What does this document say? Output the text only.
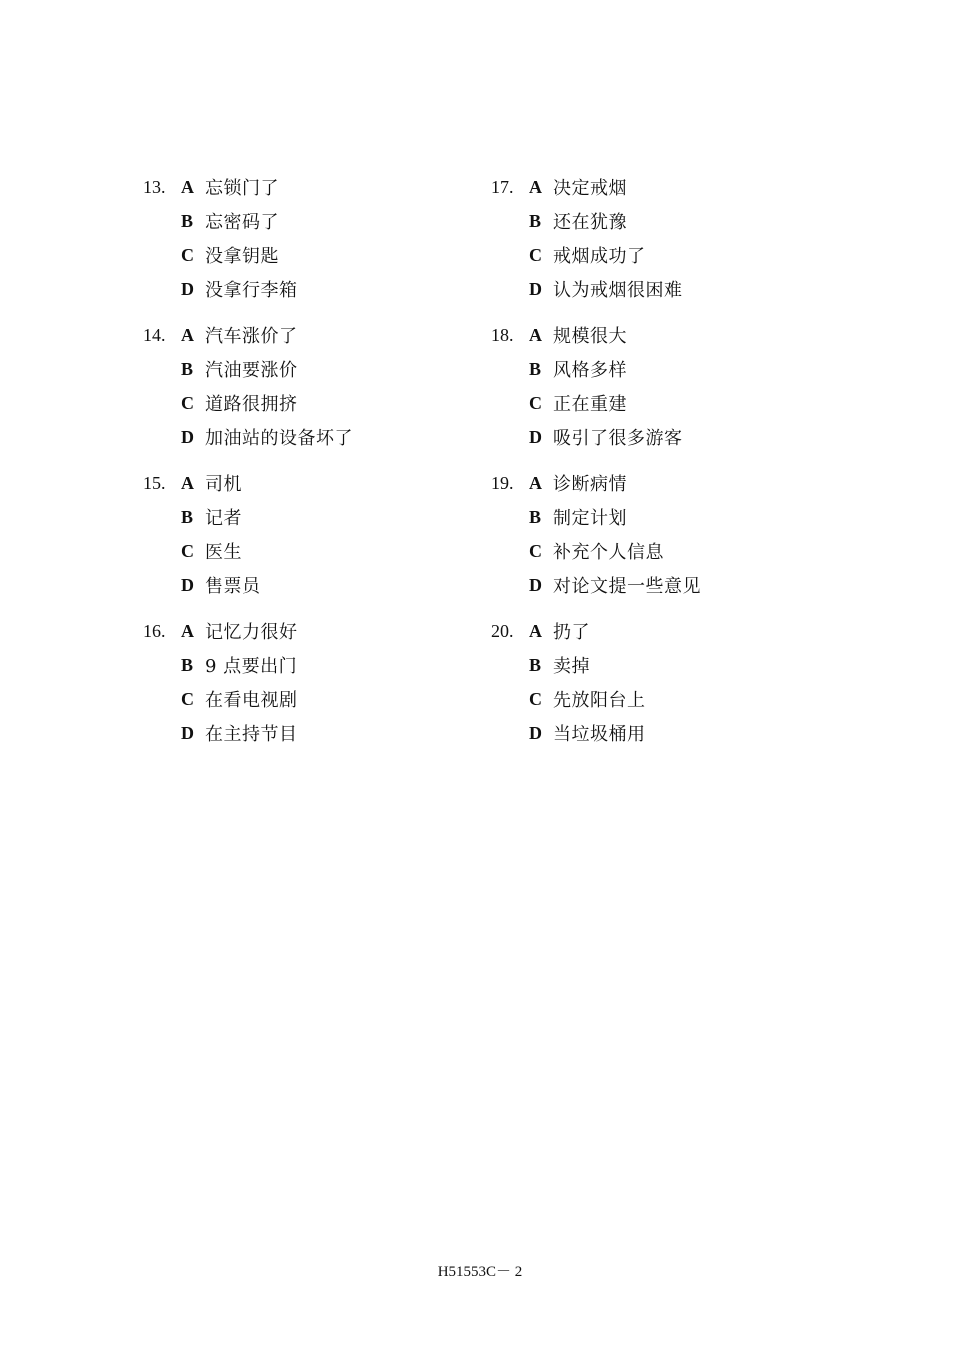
13. A 忘锁门了
B 忘密码了
C 没拿钥匙
D 没拿行李箱
14. A 汽车涨价了
B 汽油要涨价
C 道路很拥挤
D 加油站的设备坏了
15. A 司机
B 记者
C 医生
D 售票员
16. A 记忆力很好
B 9 点要出门
C 在看电视剧
D 在主持节目
17. A 决定戒烟
B 还在犹豫
C 戒烟成功了
D 认为戒烟很困难
18. A 规模很大
B 风格多样
C 正在重建
D 吸引了很多游客
19. A 诊断病情
B 制定计划
C 补充个人信息
D 对论文提一些意见
20. A 扔了
B 卖掉
C 先放阳台上
D 当垃圾桶用
H51553C－ 2
